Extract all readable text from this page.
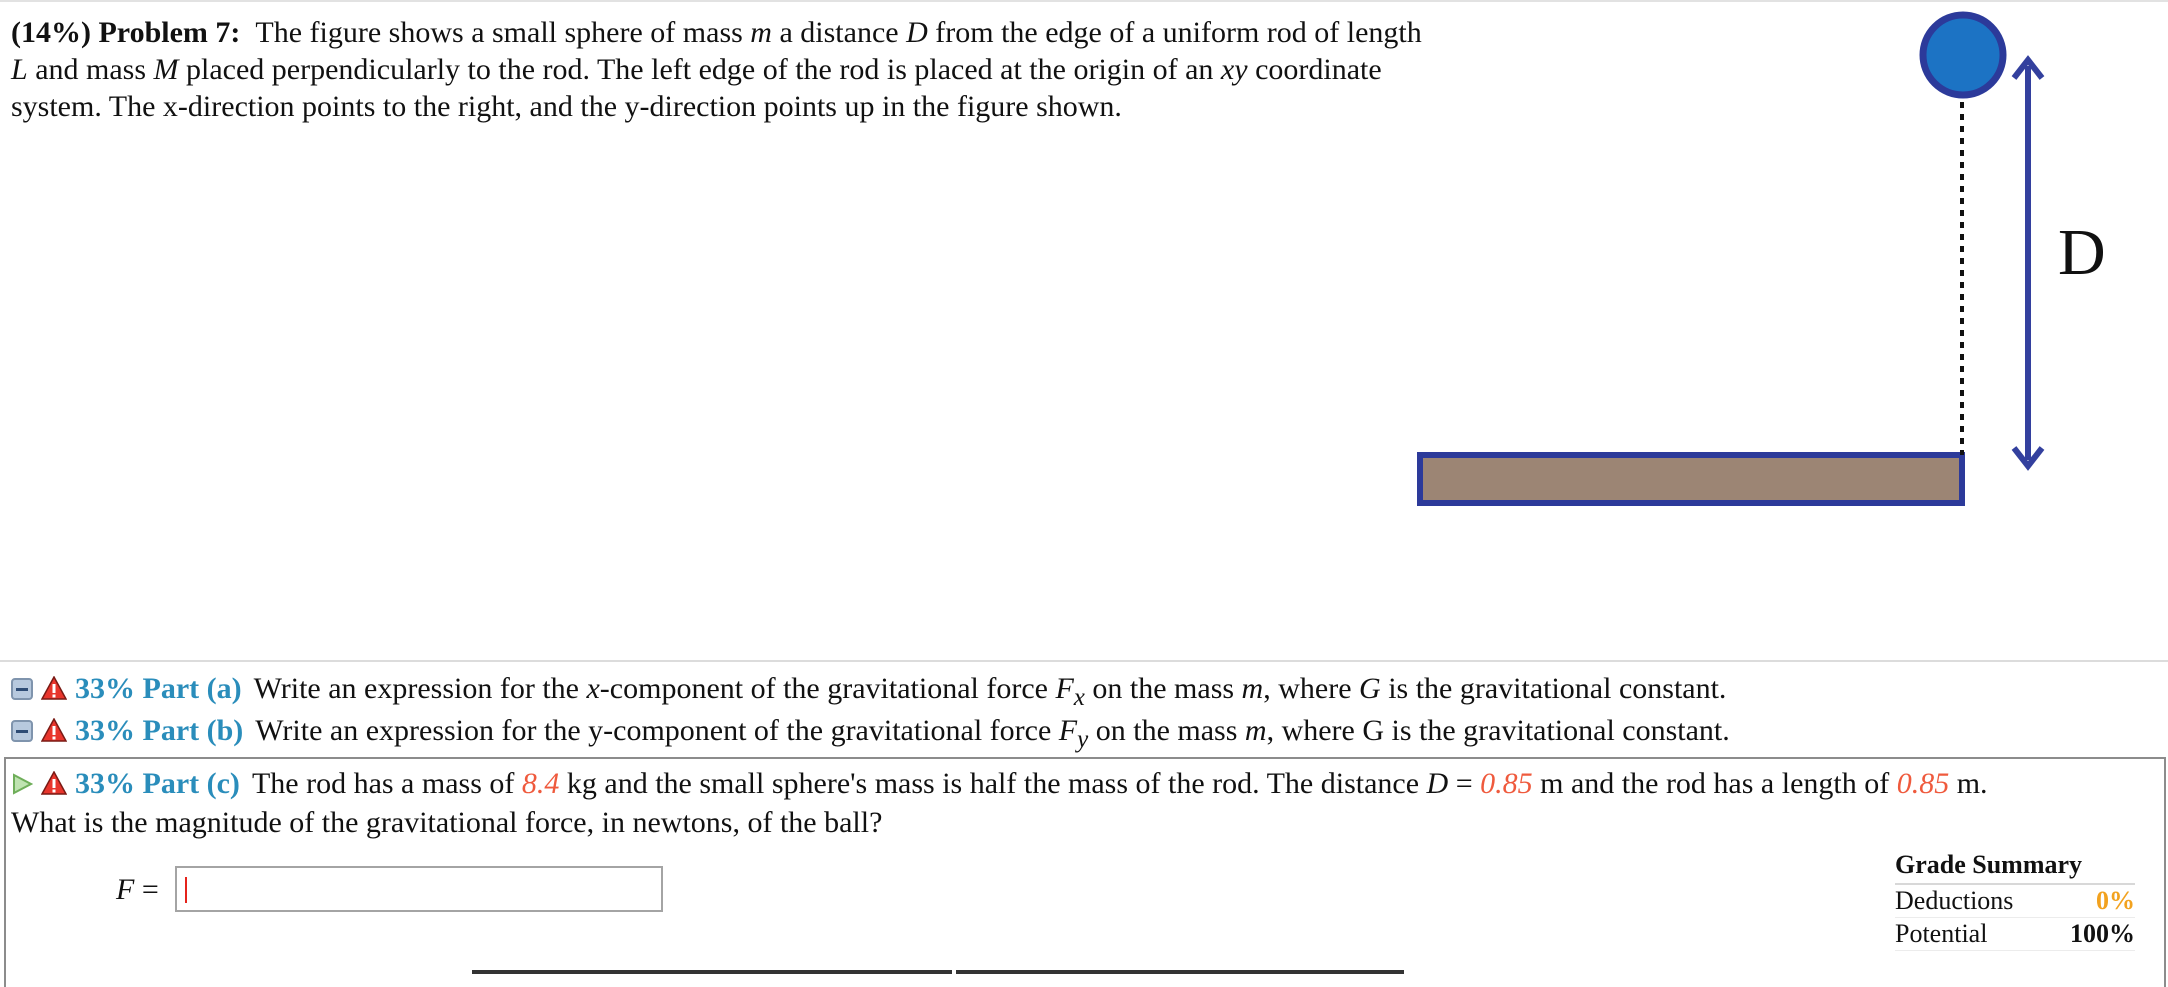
(14%) Problem 7: The figure shows a small sphere of mass m a distance D from the edge of a uniform rod of length L and mass M placed perpendicularly to the rod. The left edge of the rod is placed at the origin of an xy coordinate system. The x-direction points to the right, and the y-direction points up in the figure shown.
D
33% Part (a) Write an expression for the x-component of the gravitational force $F_x$ on the mass m, where G is the gravitational constant.
33% Part (b) Write an expression for the y-component of the gravitational force $F_y$ on the mass m, where G is the gravitational constant.
33% Part (c) The rod has a mass of 8.4 kg and the small sphere's mass is half the mass of the rod. The distance D = 0.85 m and the rod has a length of 0.85 m.
What is the magnitude of the gravitational force, in newtons, of the ball?
F =
Grade Summary
Deductions	0%
Potential	100%
